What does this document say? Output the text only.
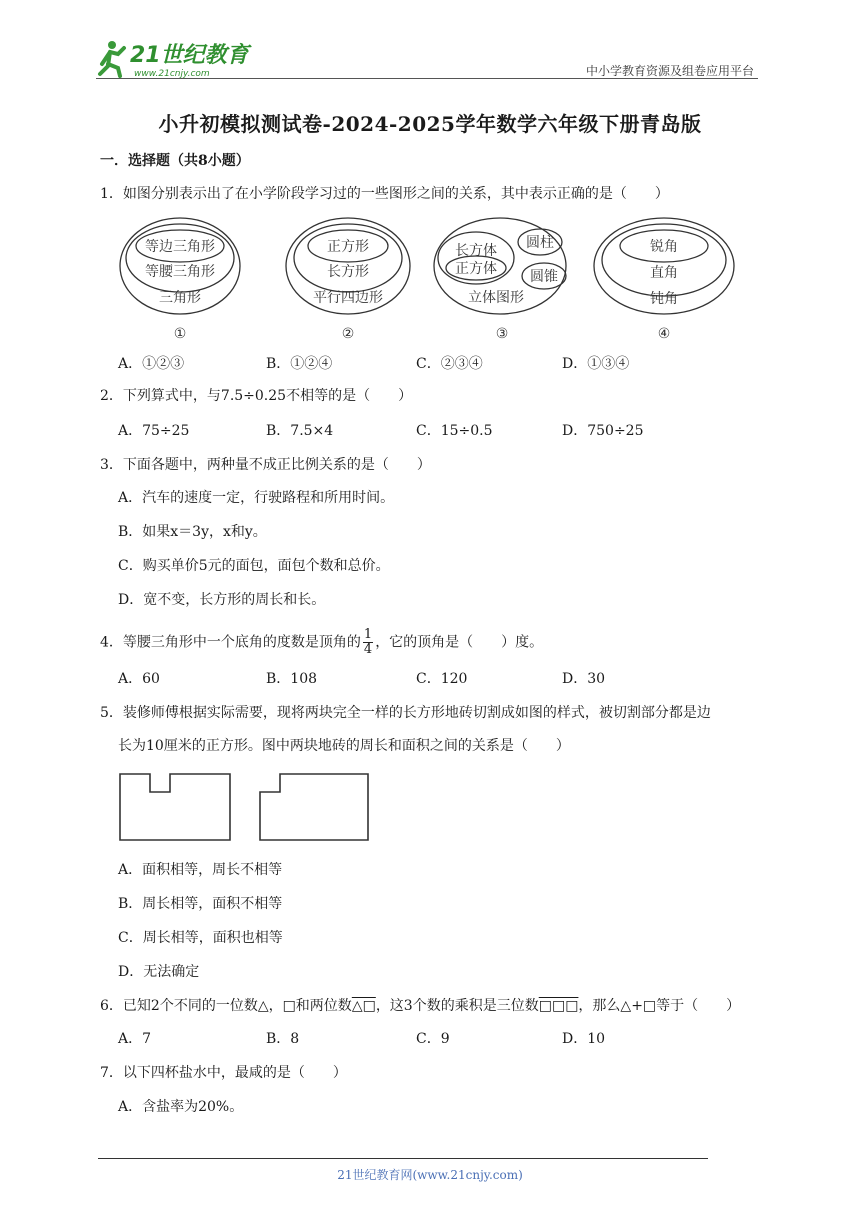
21世纪教育
www.21cnjy.com	中小学教育资源及组卷应用平台
小升初模拟测试卷-2024-2025学年数学六年级下册青岛版
一．选择题（共8小题）
1．如图分别表示出了在小学阶段学习过的一些图形之间的关系，其中表示正确的是（　　）
等边三角形
等腰三角形
三角形
①
正方形
长方形
平行四边形
②
长方体
正方体
圆柱
圆锥
立体图形
③
锐角
直角
钝角
④
A．①②③	B．①②④	C．②③④	D．①③④
2．下列算式中，与7.5÷0.25不相等的是（　　）
A．75÷25	B．7.5×4	C．15÷0.5	D．750÷25
3．下面各题中，两种量不成正比例关系的是（　　）
A．汽车的速度一定，行驶路程和所用时间。
B．如果x＝3y，x和y。
C．购买单价5元的面包，面包个数和总价。
D．宽不变，长方形的周长和长。
4．等腰三角形中一个底角的度数是顶角的 $\frac{1}{4}$ ，它的顶角是（　　）度。
A．60	B．108	C．120	D．30
5．装修师傅根据实际需要，现将两块完全一样的长方形地砖切割成如图的样式，被切割部分都是边
长为10厘米的正方形。图中两块地砖的周长和面积之间的关系是（　　）
A．面积相等，周长不相等
B．周长相等，面积不相等
C．周长相等，面积也相等
D．无法确定
6．已知2个不同的一位数△，□和两位数△□，这3个数的乘积是三位数□□□，那么△+□等于（　　）
A．7	B．8	C．9	D．10
7．以下四杯盐水中，最咸的是（　　）
A．含盐率为20%。
21世纪教育网(www.21cnjy.com)
